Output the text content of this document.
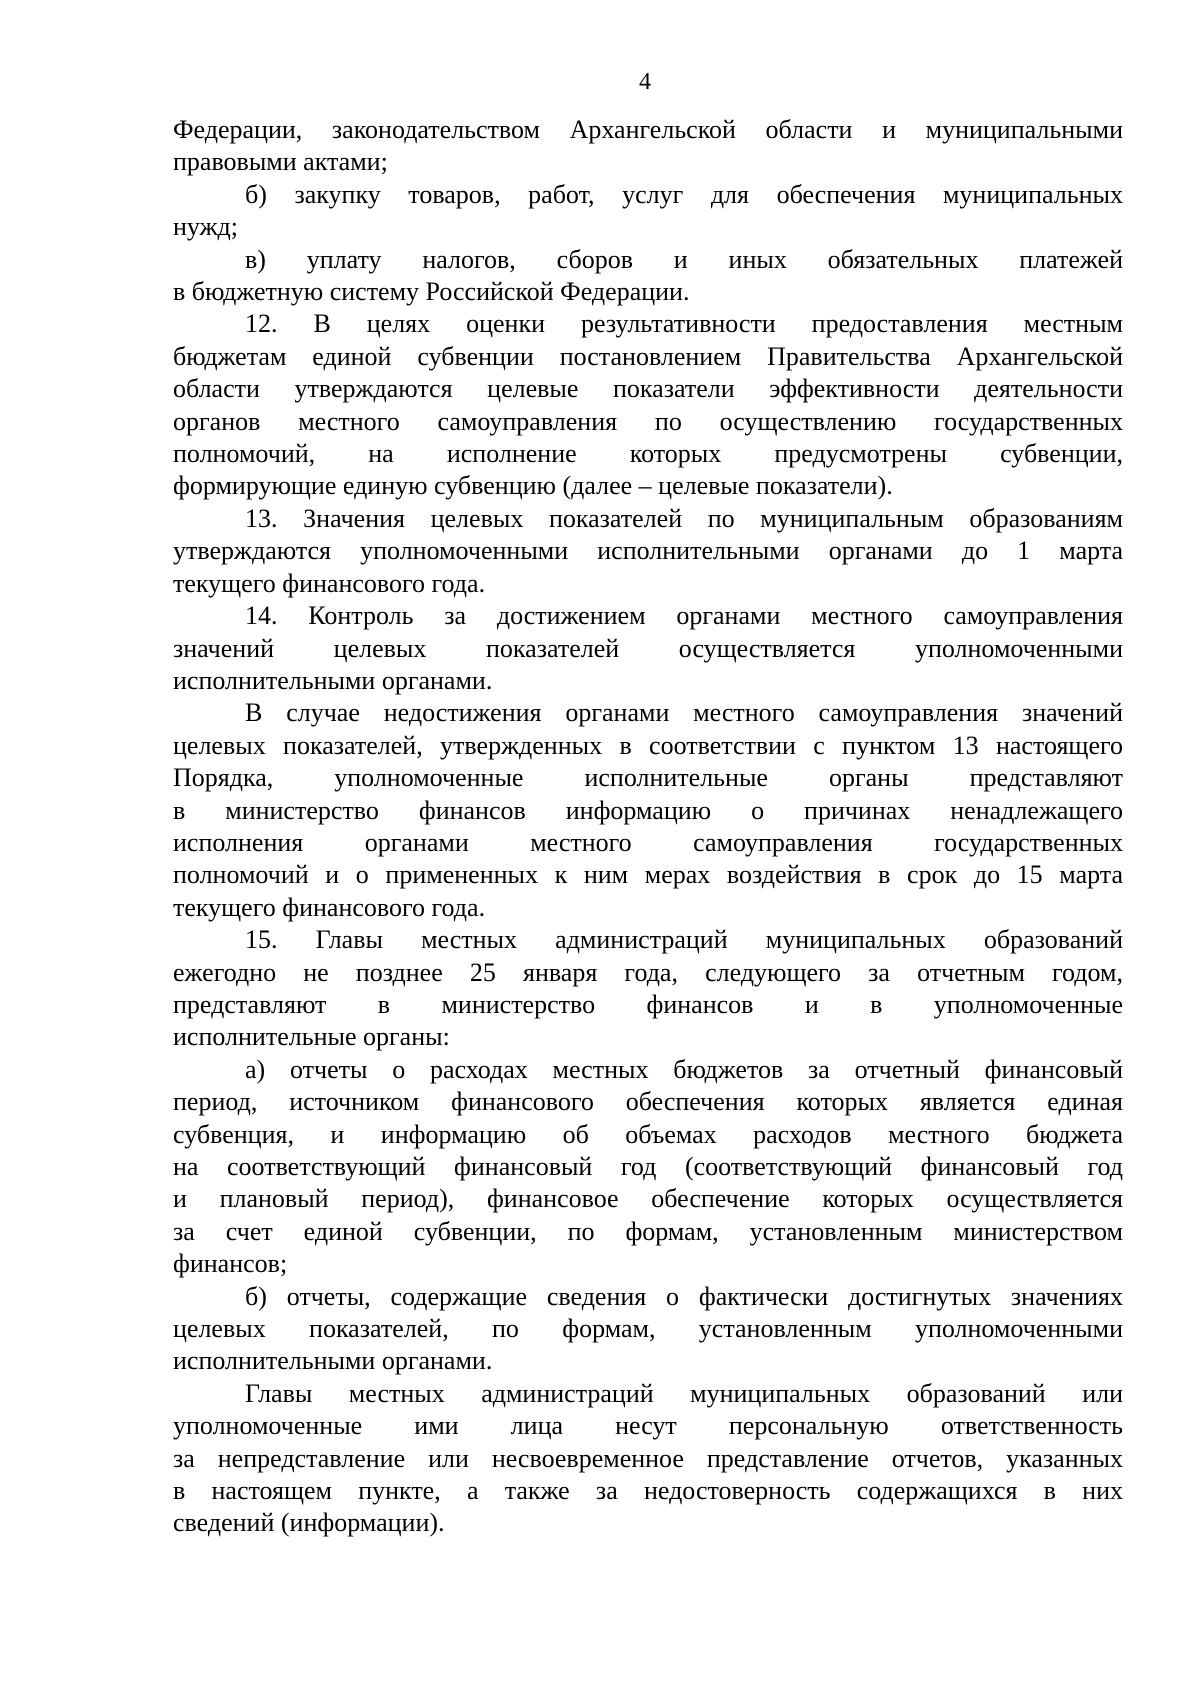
4

Федерации, законодательством Архангельской области и муниципальными
правовыми актами;

б) закупку товаров, работ, услуг для обеспечения муниципальных
нужд;

в) уплату налогов, сборов и иных обязательных платежей
в бюджетную систему Российской Федерации.

12. В целях оценки результативности предоставления местным
бюджетам единой субвенции постановлением Правительства Архангельской
области утверждаются целевые показатели эффективности деятельности
органов местного самоуправления по осуществлению государственных
полномочий, на исполнение которых предусмотрены субвенции,
формирующие единую субвенцию (далее – целевые показатели).

13. Значения целевых показателей по муниципальным образованиям
утверждаются уполномоченными исполнительными органами до 1 марта
текущего финансового года.

14. Контроль за достижением органами местного самоуправления
значений целевых показателей осуществляется уполномоченными
исполнительными органами.

В случае недостижения органами местного самоуправления значений
целевых показателей, утвержденных в соответствии с пунктом 13 настоящего
Порядка, уполномоченные исполнительные органы представляют
в министерство финансов информацию о причинах ненадлежащего
исполнения органами местного самоуправления государственных
полномочий и о примененных к ним мерах воздействия в срок до 15 марта
текущего финансового года.

15. Главы местных администраций муниципальных образований
ежегодно не позднее 25 января года, следующего за отчетным годом,
представляют в министерство финансов и в уполномоченные
исполнительные органы:

а) отчеты о расходах местных бюджетов за отчетный финансовый
период, источником финансового обеспечения которых является единая
субвенция, и информацию об объемах расходов местного бюджета
на соответствующий финансовый год (соответствующий финансовый год
и плановый период), финансовое обеспечение которых осуществляется
за счет единой субвенции, по формам, установленным министерством
финансов;

б) отчеты, содержащие сведения о фактически достигнутых значениях
целевых показателей, по формам, установленным уполномоченными
исполнительными органами.

Главы местных администраций муниципальных образований или
уполномоченные ими лица несут персональную ответственность
за непредставление или несвоевременное представление отчетов, указанных
в настоящем пункте, а также за недостоверность содержащихся в них
сведений (информации).
